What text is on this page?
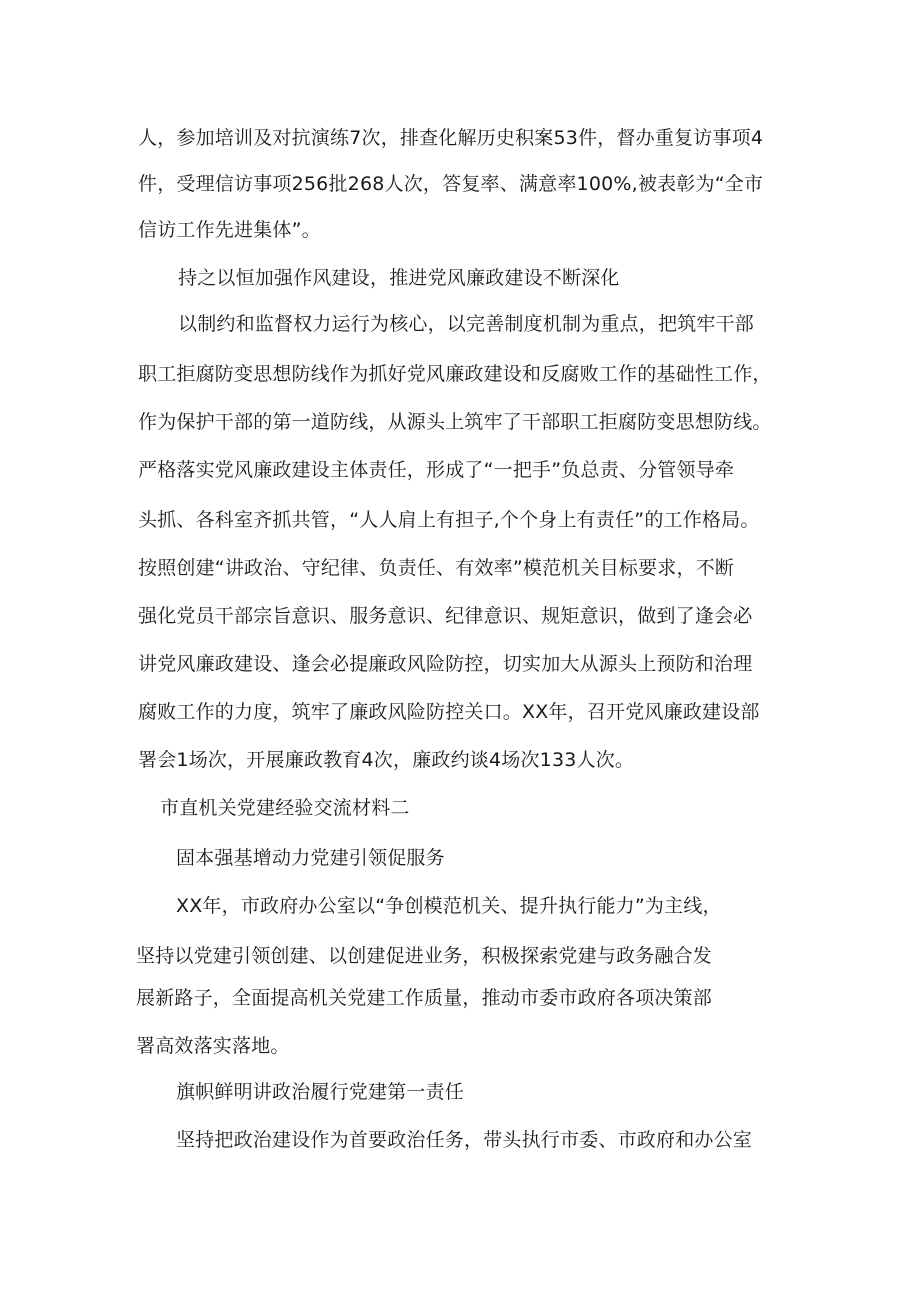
人，参加培训及对抗演练7次，排查化解历史积案53件，督办重复访事项4
件，受理信访事项256批268人次，答复率、满意率100%,被表彰为“全市
信访工作先进集体”。
持之以恒加强作风建设，推进党风廉政建设不断深化
以制约和监督权力运行为核心，以完善制度机制为重点，把筑牢干部
职工拒腐防变思想防线作为抓好党风廉政建设和反腐败工作的基础性工作，
作为保护干部的第一道防线，从源头上筑牢了干部职工拒腐防变思想防线。
严格落实党风廉政建设主体责任，形成了“一把手”负总责、分管领导牵
头抓、各科室齐抓共管，“人人肩上有担子,个个身上有责任”的工作格局。
按照创建“讲政治、守纪律、负责任、有效率”模范机关目标要求，不断
强化党员干部宗旨意识、服务意识、纪律意识、规矩意识，做到了逢会必
讲党风廉政建设、逢会必提廉政风险防控，切实加大从源头上预防和治理
腐败工作的力度，筑牢了廉政风险防控关口。XX年，召开党风廉政建设部
署会1场次，开展廉政教育4次，廉政约谈4场次133人次。
市直机关党建经验交流材料二
固本强基增动力党建引领促服务
XX年，市政府办公室以“争创模范机关、提升执行能力”为主线，
坚持以党建引领创建、以创建促进业务，积极探索党建与政务融合发
展新路子，全面提高机关党建工作质量，推动市委市政府各项决策部
署高效落实落地。
旗帜鲜明讲政治履行党建第一责任
坚持把政治建设作为首要政治任务，带头执行市委、市政府和办公室
